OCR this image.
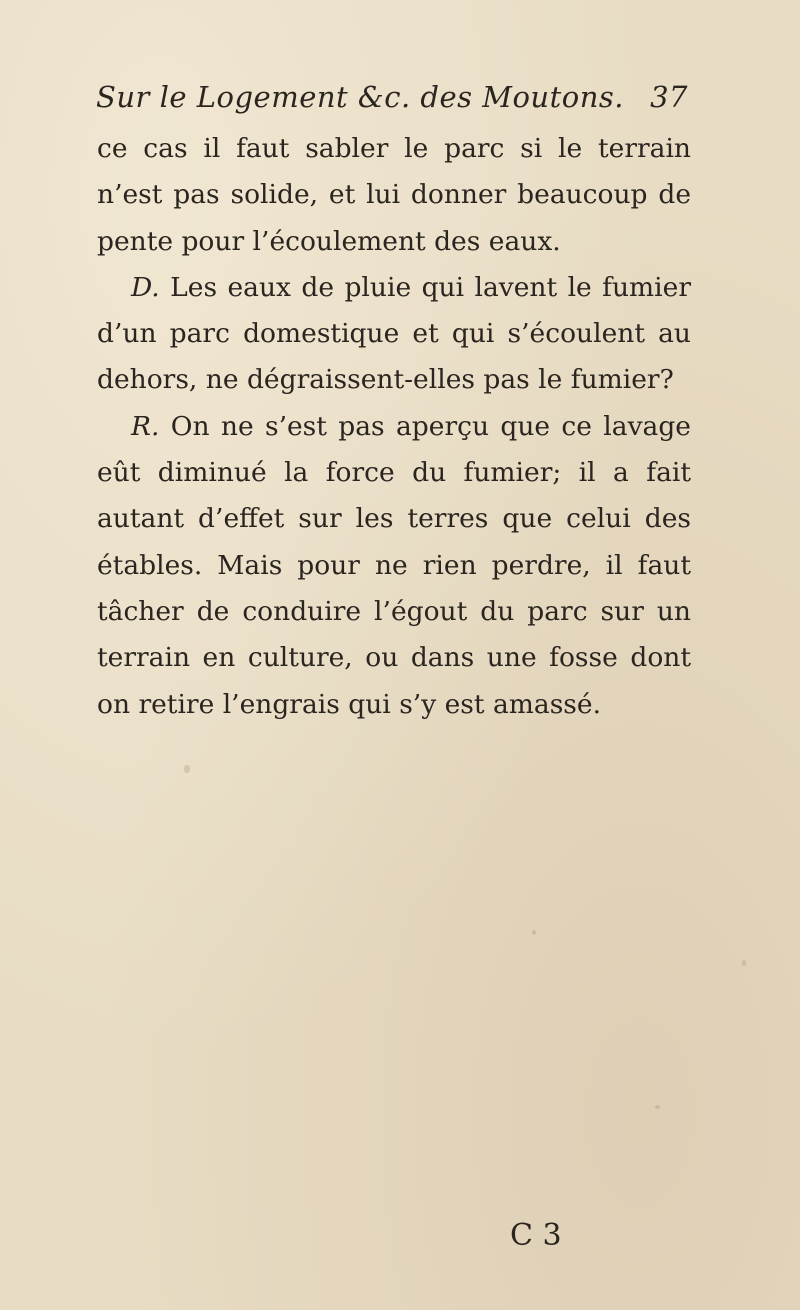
Sur le Logement &c. des Moutons. 37

ce cas il faut sabler le parc si le terrain n’est pas solide, et lui donner beaucoup de pente pour l’écoulement des eaux.

D. Les eaux de pluie qui lavent le fumier d’un parc domestique et qui s’écoulent au dehors, ne dégraissent-elles pas le fumier?

R. On ne s’est pas aperçu que ce lavage eût diminué la force du fumier; il a fait autant d’effet sur les terres que celui des étables. Mais pour ne rien perdre, il faut tâcher de conduire l’égout du parc sur un terrain en culture, ou dans une fosse dont on retire l’engrais qui s’y est amassé.

C 3
